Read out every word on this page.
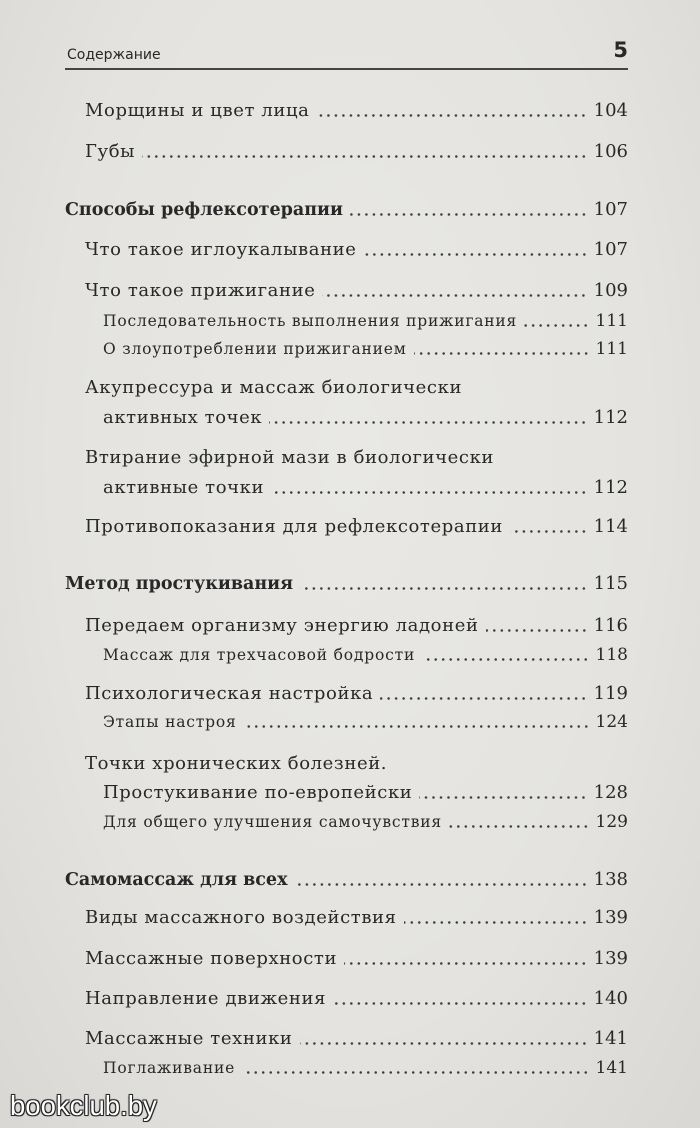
Содержание	5
Морщины и цвет лица	104
Губы	106
Способы рефлексотерапии	107
Что такое иглоукалывание	107
Что такое прижигание	109
Последовательность выполнения прижигания	111
О злоупотреблении прижиганием	111
Акупрессура и массаж биологически
активных точек	112
Втирание эфирной мази в биологически
активные точки	112
Противопоказания для рефлексотерапии	114
Метод простукивания	115
Передаем организму энергию ладоней	116
Массаж для трехчасовой бодрости	118
Психологическая настройка	119
Этапы настроя	124
Точки хронических болезней.
Простукивание по-европейски	128
Для общего улучшения самочувствия	129
Самомассаж для всех	138
Виды массажного воздействия	139
Массажные поверхности	139
Направление движения	140
Массажные техники	141
Поглаживание	141
bookclub.by
